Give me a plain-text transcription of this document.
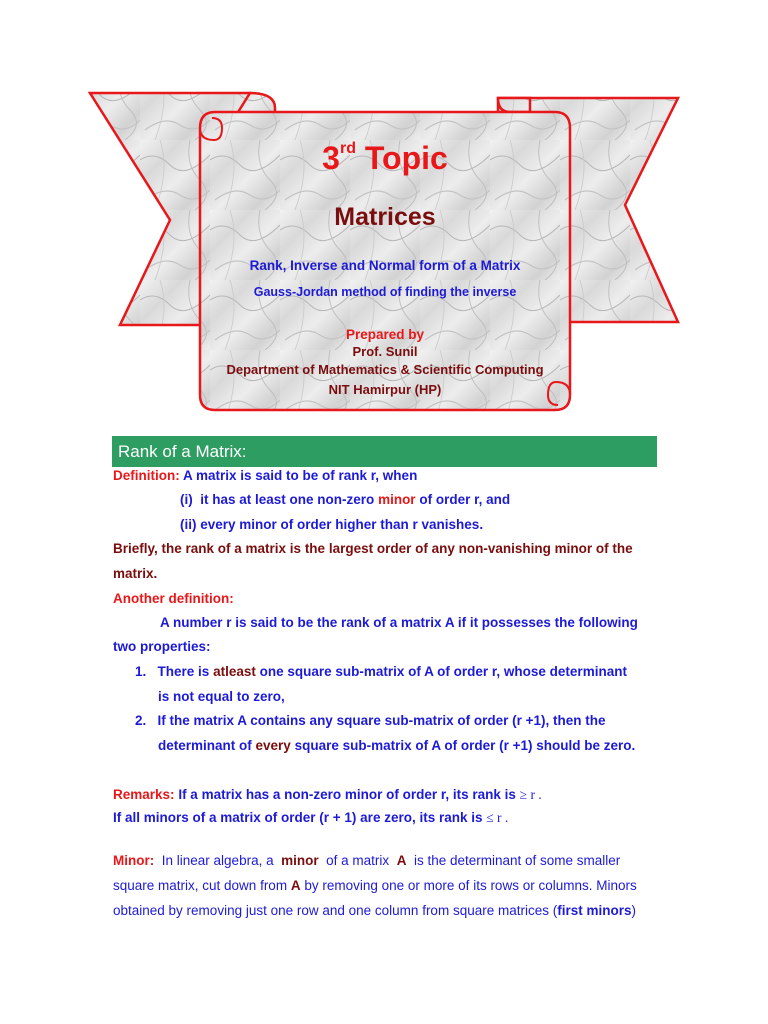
3rd Topic
Matrices
Rank, Inverse and Normal form of a Matrix
Gauss-Jordan method of finding the inverse
Prepared by
Prof. Sunil
Department of Mathematics & Scientific Computing
NIT Hamirpur (HP)
Rank of a Matrix:
Definition: A matrix is said to be of rank r, when
(i) it has at least one non-zero minor of order r, and
(ii) every minor of order higher than r vanishes.
Briefly, the rank of a matrix is the largest order of any non-vanishing minor of the
matrix.
Another definition:
A number r is said to be the rank of a matrix A if it possesses the following
two properties:
1. There is atleast one square sub-matrix of A of order r, whose determinant
is not equal to zero,
2. If the matrix A contains any square sub-matrix of order (r +1), then the
determinant of every square sub-matrix of A of order (r +1) should be zero.
Remarks: If a matrix has a non-zero minor of order r, its rank is ≥ r .
If all minors of a matrix of order (r + 1) are zero, its rank is ≤ r .
Minor: In linear algebra, a minor of a matrix A is the determinant of some smaller
square matrix, cut down from A by removing one or more of its rows or columns. Minors
obtained by removing just one row and one column from square matrices (first minors)
